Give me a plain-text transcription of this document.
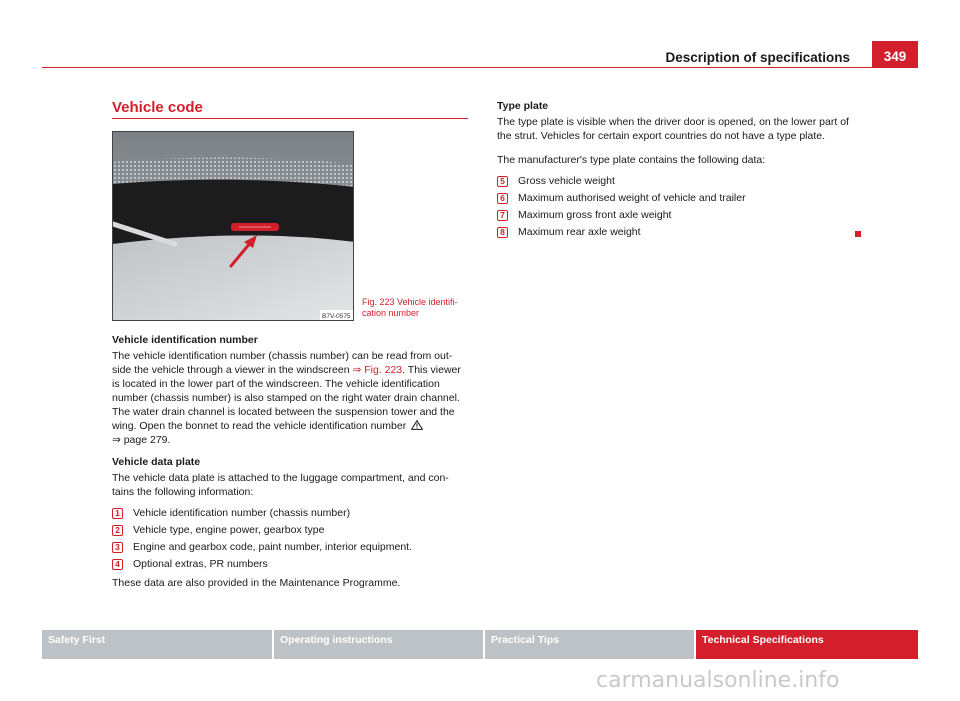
Description of specifications	349
Vehicle code
B7V-0575
Fig. 223 Vehicle identifi-cation number
Vehicle identification number
The vehicle identification number (chassis number) can be read from out-side the vehicle through a viewer in the windscreen ⇒ Fig. 223. This viewer is located in the lower part of the windscreen. The vehicle identification number (chassis number) is also stamped on the right water drain channel. The water drain channel is located between the suspension tower and the wing. Open the bonnet to read the vehicle identification number
⇒ page 279.
Vehicle data plate
The vehicle data plate is attached to the luggage compartment, and con-tains the following information:
1 Vehicle identification number (chassis number)
2 Vehicle type, engine power, gearbox type
3 Engine and gearbox code, paint number, interior equipment.
4 Optional extras, PR numbers
These data are also provided in the Maintenance Programme.
Type plate
The type plate is visible when the driver door is opened, on the lower part of the strut. Vehicles for certain export countries do not have a type plate.
The manufacturer's type plate contains the following data:
5 Gross vehicle weight
6 Maximum authorised weight of vehicle and trailer
7 Maximum gross front axle weight
8 Maximum rear axle weight
Safety First	Operating instructions	Practical Tips	Technical Specifications
carmanualsonline.info
